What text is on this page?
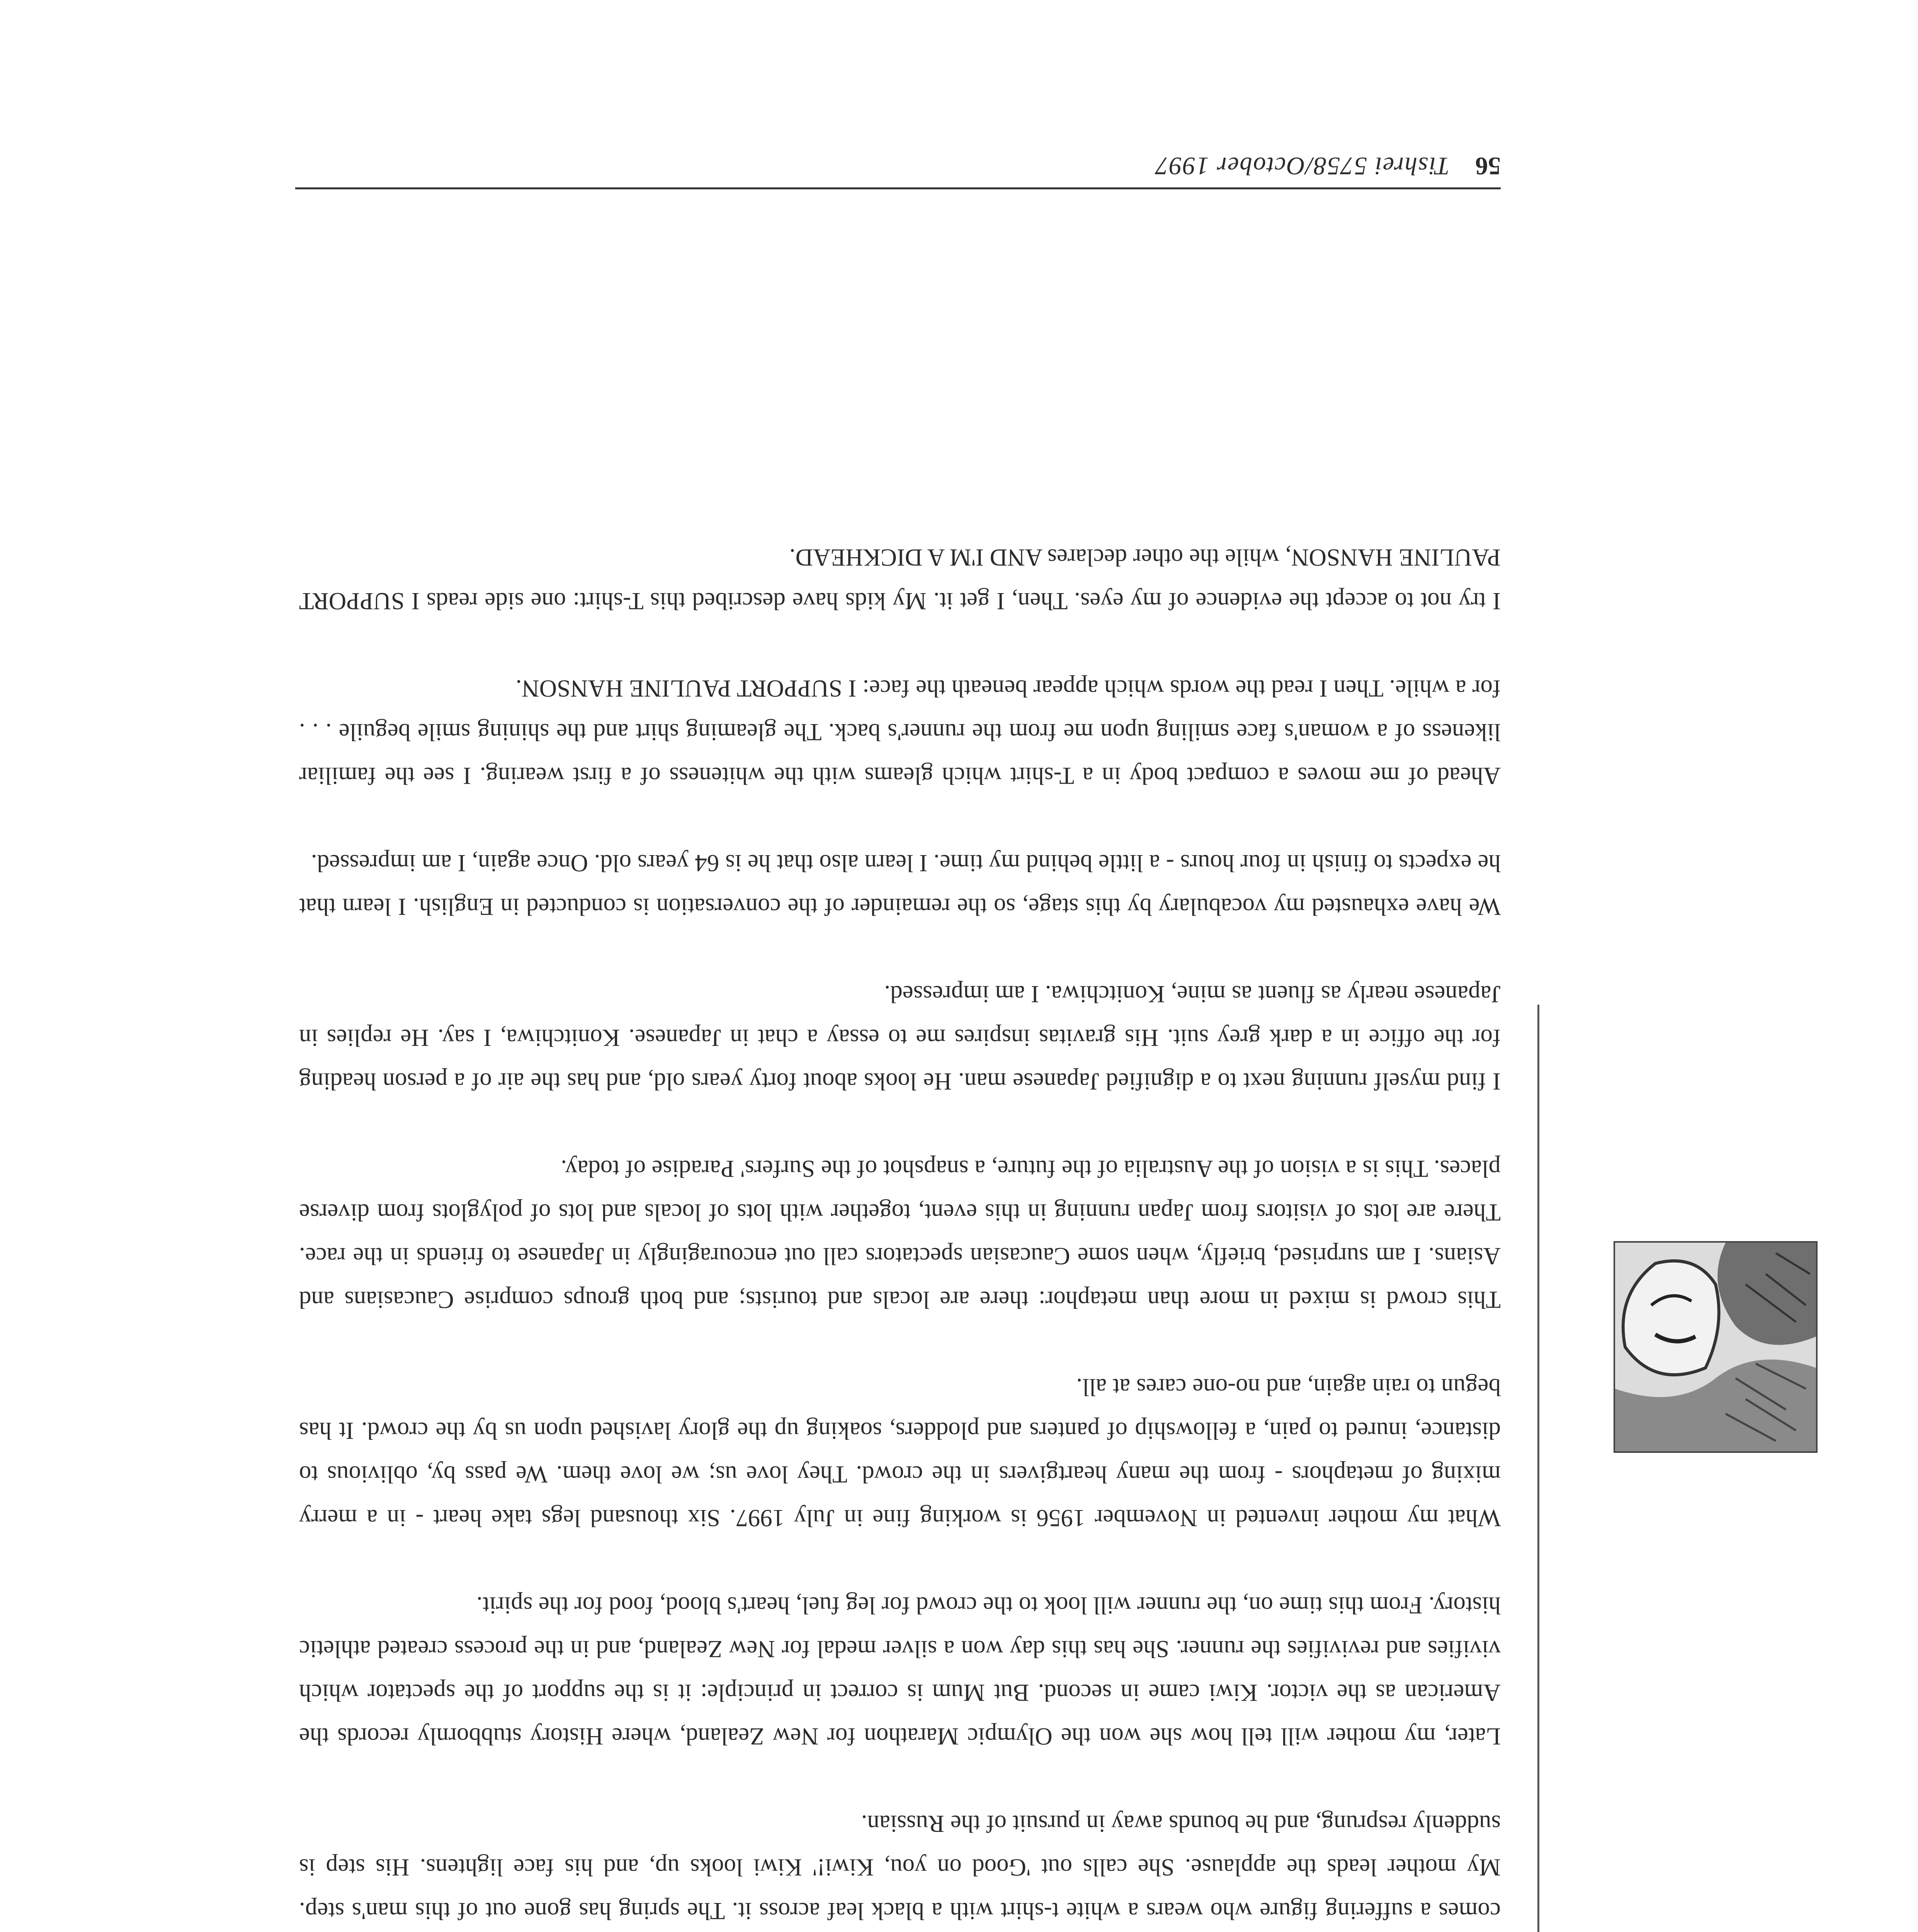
comes a suffering figure who wears a white t-shirt with a black leaf across it. The spring has gone out of this man's step. My mother leads the applause. She calls out 'Good on you, Kiwi!' Kiwi looks up, and his face lightens. His step is suddenly resprung, and he bounds away in pursuit of the Russian.

Later, my mother will tell how she won the Olympic Marathon for New Zealand, where History stubbornly records the American as the victor. Kiwi came in second. But Mum is correct in principle: it is the support of the spectator which vivifies and revivifies the runner. She has this day won a silver medal for New Zealand, and in the process created athletic history. From this time on, the runner will look to the crowd for leg fuel, heart's blood, food for the spirit.

What my mother invented in November 1956 is working fine in July 1997. Six thousand legs take heart - in a merry mixing of metaphors - from the many heartgivers in the crowd. They love us; we love them. We pass by, oblivious to distance, inured to pain, a fellowship of panters and plodders, soaking up the glory lavished upon us by the crowd. It has begun to rain again, and no-one cares at all.

This crowd is mixed in more than metaphor: there are locals and tourists; and both groups comprise Caucasians and Asians. I am surprised, briefly, when some Caucasian spectators call out encouragingly in Japanese to friends in the race. There are lots of visitors from Japan running in this event, together with lots of locals and lots of polyglots from diverse places. This is a vision of the Australia of the future, a snapshot of the Surfers' Paradise of today.

I find myself running next to a dignified Japanese man. He looks about forty years old, and has the air of a person heading for the office in a dark grey suit. His gravitas inspires me to essay a chat in Japanese. Konitchiwa, I say. He replies in Japanese nearly as fluent as mine, Konitchiwa. I am impressed.

We have exhausted my vocabulary by this stage, so the remainder of the conversation is conducted in English. I learn that he expects to finish in four hours - a little behind my time. I learn also that he is 64 years old. Once again, I am impressed.

Ahead of me moves a compact body in a T-shirt which gleams with the whiteness of a first wearing. I see the familiar likeness of a woman's face smiling upon me from the runner's back. The gleaming shirt and the shining smile beguile . . . for a while. Then I read the words which appear beneath the face: I SUPPORT PAULINE HANSON.

I try not to accept the evidence of my eyes. Then, I get it. My kids have described this T-shirt: one side reads I SUPPORT PAULINE HANSON, while the other declares AND I'M A DICKHEAD.

56 Tishrei 5758/October 1997
